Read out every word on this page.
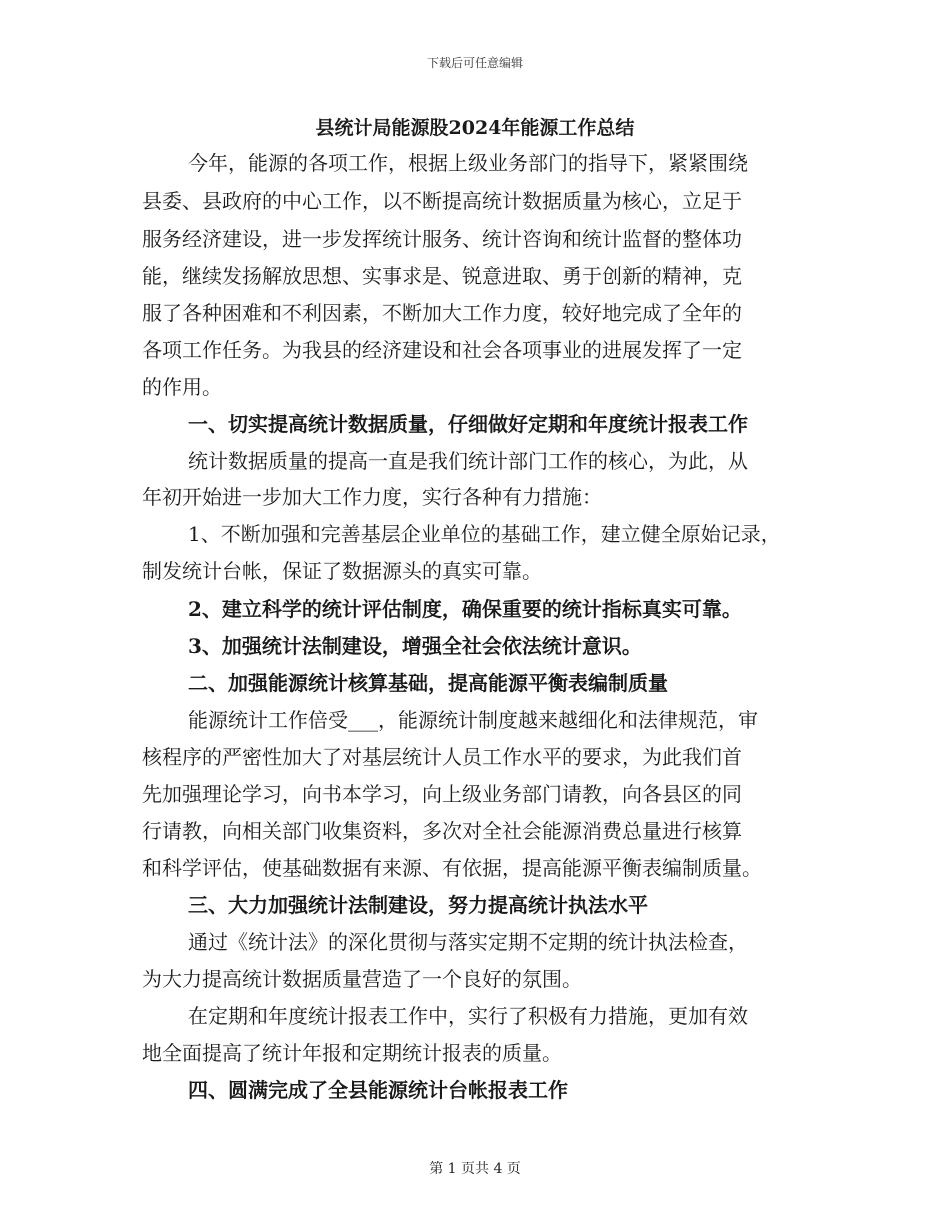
下载后可任意编辑
县统计局能源股2024年能源工作总结
今年，能源的各项工作，根据上级业务部门的指导下，紧紧围绕
县委、县政府的中心工作，以不断提高统计数据质量为核心，立足于
服务经济建设，进一步发挥统计服务、统计咨询和统计监督的整体功
能，继续发扬解放思想、实事求是、锐意进取、勇于创新的精神，克
服了各种困难和不利因素，不断加大工作力度，较好地完成了全年的
各项工作任务。为我县的经济建设和社会各项事业的进展发挥了一定
的作用。
一、切实提高统计数据质量，仔细做好定期和年度统计报表工作
统计数据质量的提高一直是我们统计部门工作的核心，为此，从
年初开始进一步加大工作力度，实行各种有力措施：
1、不断加强和完善基层企业单位的基础工作，建立健全原始记录，
制发统计台帐，保证了数据源头的真实可靠。
2、建立科学的统计评估制度，确保重要的统计指标真实可靠。
3、加强统计法制建设，增强全社会依法统计意识。
二、加强能源统计核算基础，提高能源平衡表编制质量
能源统计工作倍受___，能源统计制度越来越细化和法律规范，审
核程序的严密性加大了对基层统计人员工作水平的要求，为此我们首
先加强理论学习，向书本学习，向上级业务部门请教，向各县区的同
行请教，向相关部门收集资料，多次对全社会能源消费总量进行核算
和科学评估，使基础数据有来源、有依据，提高能源平衡表编制质量。
三、大力加强统计法制建设，努力提高统计执法水平
通过《统计法》的深化贯彻与落实定期不定期的统计执法检查，
为大力提高统计数据质量营造了一个良好的氛围。
在定期和年度统计报表工作中，实行了积极有力措施，更加有效
地全面提高了统计年报和定期统计报表的质量。
四、圆满完成了全县能源统计台帐报表工作
第 1 页共 4 页
